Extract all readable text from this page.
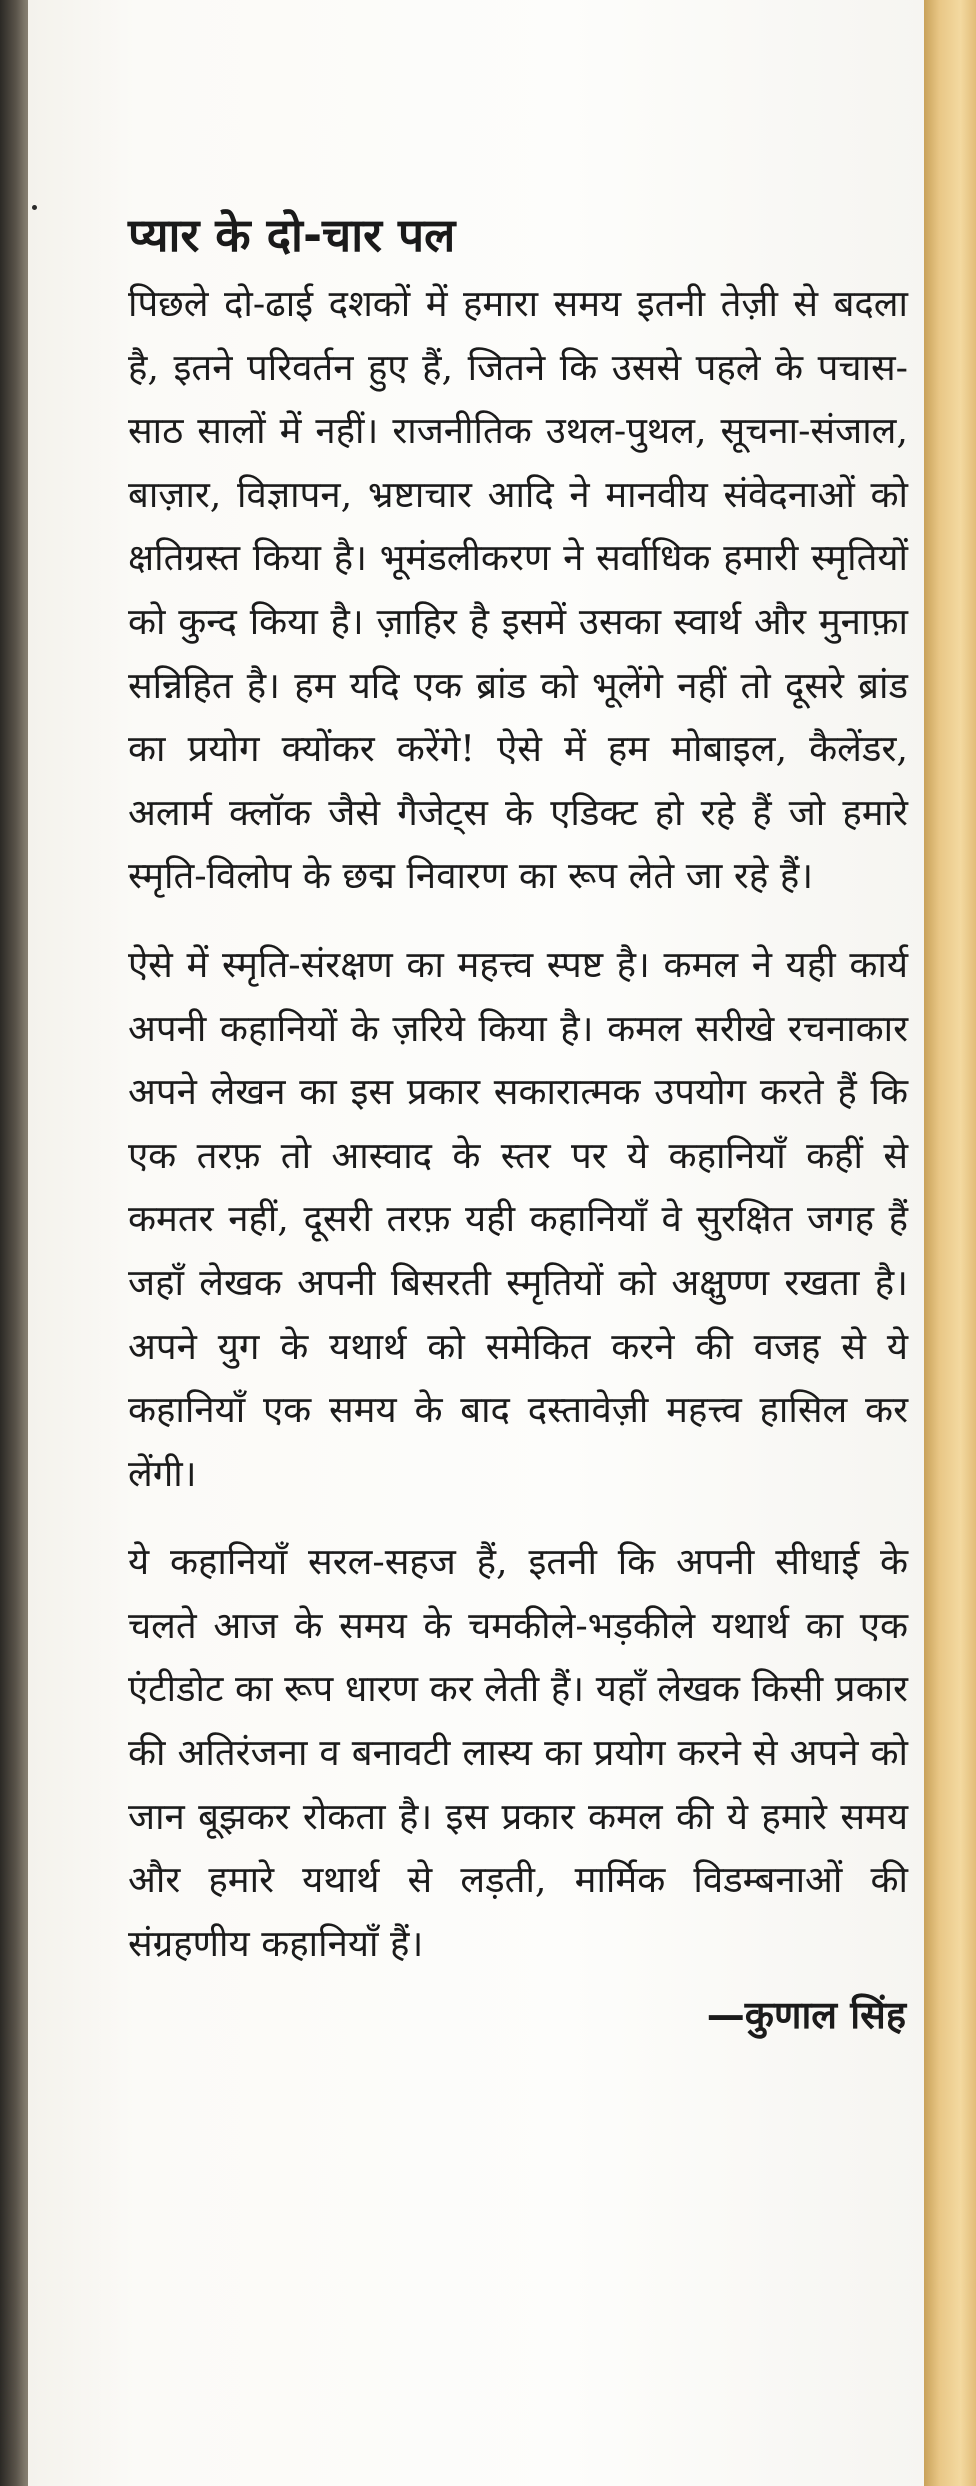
प्यार के दो-चार पल

पिछले दो-ढाई दशकों में हमारा समय इतनी तेज़ी से बदला है, इतने परिवर्तन हुए हैं, जितने कि उससे पहले के पचास-साठ सालों में नहीं। राजनीतिक उथल-पुथल, सूचना-संजाल, बाज़ार, विज्ञापन, भ्रष्टाचार आदि ने मानवीय संवेदनाओं को क्षतिग्रस्त किया है। भूमंडलीकरण ने सर्वाधिक हमारी स्मृतियों को कुन्द किया है। ज़ाहिर है इसमें उसका स्वार्थ और मुनाफ़ा सन्निहित है। हम यदि एक ब्रांड को भूलेंगे नहीं तो दूसरे ब्रांड का प्रयोग क्योंकर करेंगे! ऐसे में हम मोबाइल, कैलेंडर, अलार्म क्लॉक जैसे गैजेट्स के एडिक्ट हो रहे हैं जो हमारे स्मृति-विलोप के छद्म निवारण का रूप लेते जा रहे हैं।

ऐसे में स्मृति-संरक्षण का महत्त्व स्पष्ट है। कमल ने यही कार्य अपनी कहानियों के ज़रिये किया है। कमल सरीखे रचनाकार अपने लेखन का इस प्रकार सकारात्मक उपयोग करते हैं कि एक तरफ़ तो आस्वाद के स्तर पर ये कहानियाँ कहीं से कमतर नहीं, दूसरी तरफ़ यही कहानियाँ वे सुरक्षित जगह हैं जहाँ लेखक अपनी बिसरती स्मृतियों को अक्षुण्ण रखता है। अपने युग के यथार्थ को समेकित करने की वजह से ये कहानियाँ एक समय के बाद दस्तावेज़ी महत्त्व हासिल कर लेंगी।

ये कहानियाँ सरल-सहज हैं, इतनी कि अपनी सीधाई के चलते आज के समय के चमकीले-भड़कीले यथार्थ का एक एंटीडोट का रूप धारण कर लेती हैं। यहाँ लेखक किसी प्रकार की अतिरंजना व बनावटी लास्य का प्रयोग करने से अपने को जान बूझकर रोकता है। इस प्रकार कमल की ये हमारे समय और हमारे यथार्थ से लड़ती, मार्मिक विडम्बनाओं की संग्रहणीय कहानियाँ हैं।

—कुणाल सिंह
